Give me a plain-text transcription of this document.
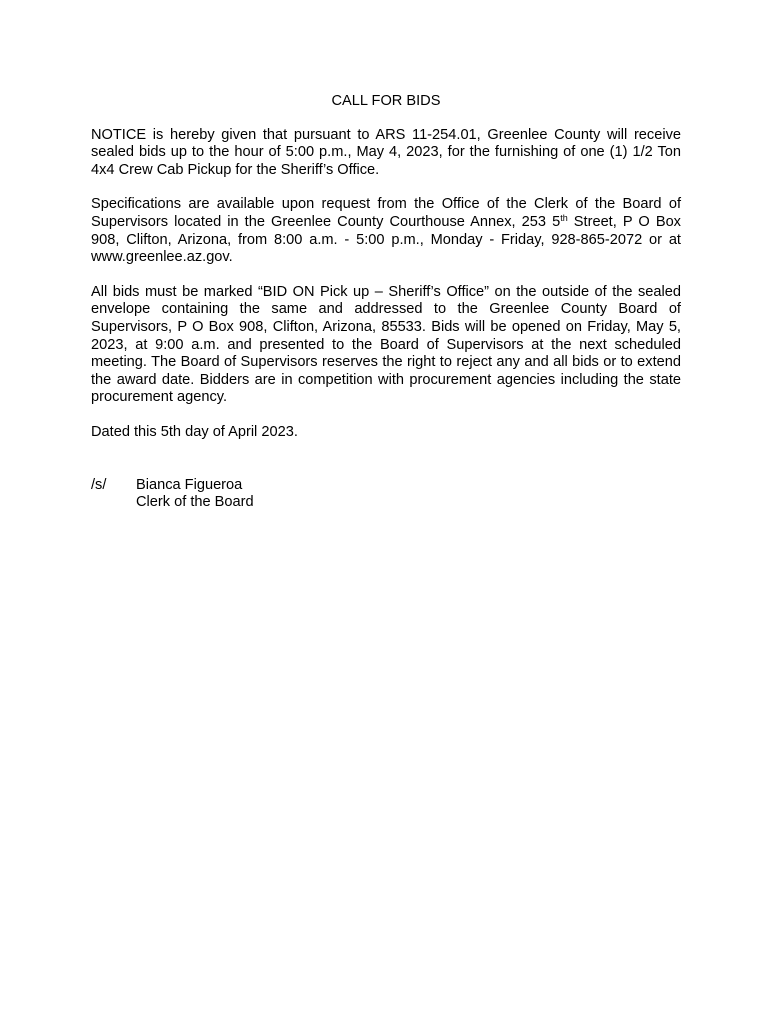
CALL FOR BIDS

NOTICE is hereby given that pursuant to ARS 11-254.01, Greenlee County will receive sealed bids up to the hour of 5:00 p.m., May 4, 2023, for the furnishing of one (1) 1/2 Ton 4x4 Crew Cab Pickup for the Sheriff’s Office.

Specifications are available upon request from the Office of the Clerk of the Board of Supervisors located in the Greenlee County Courthouse Annex, 253 5th Street, P O Box 908, Clifton, Arizona, from 8:00 a.m. - 5:00 p.m., Monday - Friday, 928-865-2072 or at www.greenlee.az.gov.

All bids must be marked “BID ON Pick up – Sheriff’s Office” on the outside of the sealed envelope containing the same and addressed to the Greenlee County Board of Supervisors, P O Box 908, Clifton, Arizona, 85533. Bids will be opened on Friday, May 5, 2023, at 9:00 a.m. and presented to the Board of Supervisors at the next scheduled meeting. The Board of Supervisors reserves the right to reject any and all bids or to extend the award date. Bidders are in competition with procurement agencies including the state procurement agency.

Dated this 5th day of April 2023.

/s/	Bianca Figueroa
Clerk of the Board
